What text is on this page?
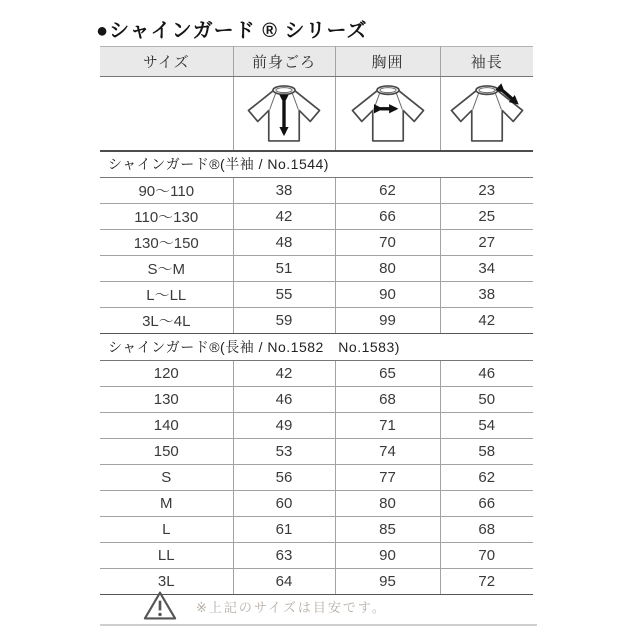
●シャインガード ® シリーズ
サイズ	前身ごろ	胸囲	袖長

シャインガード®(半袖 / No.1544)			
90〜110	38	62	23
110〜130	42	66	25
130〜150	48	70	27
S〜M	51	80	34
L〜LL	55	90	38
3L〜4L	59	99	42
シャインガード®(長袖 / No.1582　No.1583)			
120	42	65	46
130	46	68	50
140	49	71	54
150	53	74	58
S	56	77	62
M	60	80	66
L	61	85	68
LL	63	90	70
3L	64	95	72
※上記のサイズは目安です。
